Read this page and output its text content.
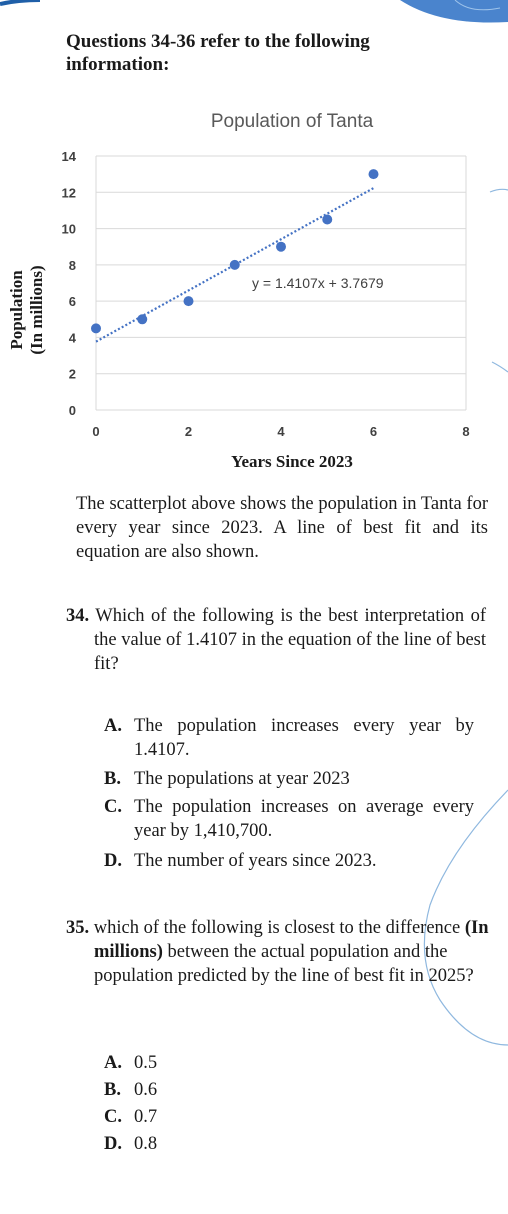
Questions 34-36 refer to the following information:
Population of Tanta
0
2
4
6
8
10
12
14
0	2	4	6	8
y = 1.4107x + 3.7679
Years Since 2023
Population (In millions)
The scatterplot above shows the population in Tanta for every year since 2023. A line of best fit and its equation are also shown.
34. Which of the following is the best interpretation of the value of 1.4107 in the equation of the line of best fit?
A. The population increases every year by 1.4107.
B. The populations at year 2023
C. The population increases on average every year by 1,410,700.
D. The number of years since 2023.
35. which of the following is closest to the difference (In millions) between the actual population and the population predicted by the line of best fit in 2025?
A. 0.5
B. 0.6
C. 0.7
D. 0.8
